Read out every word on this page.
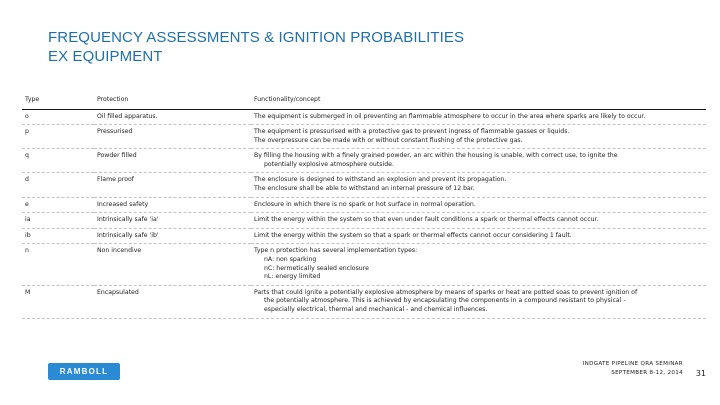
FREQUENCY ASSESSMENTS & IGNITION PROBABILITIES
EX EQUIPMENT
Type	Protection	Functionality/concept
o	Oil filled apparatus.	The equipment is submerged in oil preventing an flammable atmosphere to occur in the area where sparks are likely to occur.

p	Pressurised	The equipment is pressurised with a protective gas to prevent ingress of flammable gasses or liquids.
The overpressure can be made with or without constant flushing of the protective gas.

q	Powder filled	By filling the housing with a finely grained powder, an arc within the housing is unable, with correct use, to ignite the
potentially explosive atmosphere outside.

d	Flame proof	The enclosure is designed to withstand an explosion and prevent its propagation.
The enclosure shall be able to withstand an internal pressure of 12 bar.

e	Increased safety	Enclosure in which there is no spark or hot surface in normal operation.

ia	Intrinsically safe 'ia'	Limit the energy within the system so that even under fault conditions a spark or thermal effects cannot occur.

ib	Intrinsically safe 'ib'	Limit the energy within the system so that a spark or thermal effects cannot occur considering 1 fault.

n	Non incendive	Type n protection has several implementation types:
nA: non sparking
nC: hermetically sealed enclosure
nL: energy limited

M	Encapsulated	Parts that could ignite a potentially explosive atmosphere by means of sparks or heat are potted soas to prevent ignition of
the potentially atmosphere. This is achieved by encapsulating the components in a compound resistant to physical -
especially electrical, thermal and mechanical - and chemical influences.
RAMBOLL
INDGATE PIPELINE QRA SEMINAR
SEPTEMBER 8-12, 2014 31
